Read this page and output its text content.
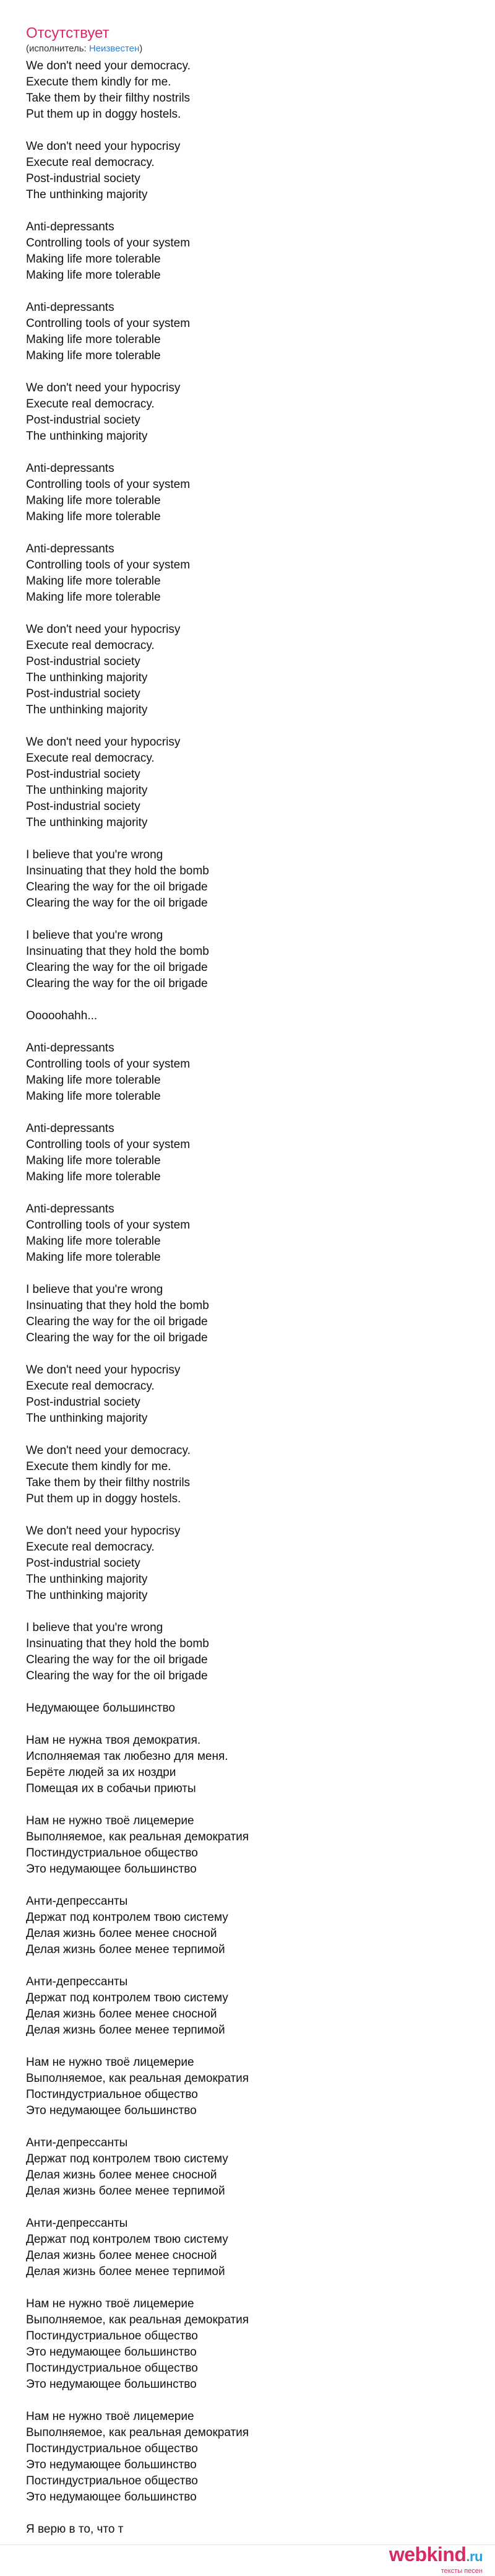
Отсутствует
(исполнитель: Неизвестен)
We don't need your democracy.
Execute them kindly for me.
Take them by their filthy nostrils
Put them up in doggy hostels.
We don't need your hypocrisy
Execute real democracy.
Post-industrial society
The unthinking majority
Anti-depressants
Controlling tools of your system
Making life more tolerable
Making life more tolerable
Anti-depressants
Controlling tools of your system
Making life more tolerable
Making life more tolerable
We don't need your hypocrisy
Execute real democracy.
Post-industrial society
The unthinking majority
Anti-depressants
Controlling tools of your system
Making life more tolerable
Making life more tolerable
Anti-depressants
Controlling tools of your system
Making life more tolerable
Making life more tolerable
We don't need your hypocrisy
Execute real democracy.
Post-industrial society
The unthinking majority
Post-industrial society
The unthinking majority
We don't need your hypocrisy
Execute real democracy.
Post-industrial society
The unthinking majority
Post-industrial society
The unthinking majority
I believe that you're wrong
Insinuating that they hold the bomb
Clearing the way for the oil brigade
Clearing the way for the oil brigade
I believe that you're wrong
Insinuating that they hold the bomb
Clearing the way for the oil brigade
Clearing the way for the oil brigade
Ooooohahh...
Anti-depressants
Controlling tools of your system
Making life more tolerable
Making life more tolerable
Anti-depressants
Controlling tools of your system
Making life more tolerable
Making life more tolerable
Anti-depressants
Controlling tools of your system
Making life more tolerable
Making life more tolerable
I believe that you're wrong
Insinuating that they hold the bomb
Clearing the way for the oil brigade
Clearing the way for the oil brigade
We don't need your hypocrisy
Execute real democracy.
Post-industrial society
The unthinking majority
We don't need your democracy.
Execute them kindly for me.
Take them by their filthy nostrils
Put them up in doggy hostels.
We don't need your hypocrisy
Execute real democracy.
Post-industrial society
The unthinking majority
The unthinking majority
I believe that you're wrong
Insinuating that they hold the bomb
Clearing the way for the oil brigade
Clearing the way for the oil brigade
Недумающее большинство
Нам не нужна твоя демократия.
Исполняемая так любезно для меня.
Берёте людей за их ноздри
Помещая их в собачьи приюты
Нам не нужно твоё лицемерие
Выполняемое, как реальная демократия
Постиндустриальное общество
Это недумающее большинство
Анти-депрессанты
Держат под контролем твою систему
Делая жизнь более менее сносной
Делая жизнь более менее терпимой
Анти-депрессанты
Держат под контролем твою систему
Делая жизнь более менее сносной
Делая жизнь более менее терпимой
Нам не нужно твоё лицемерие
Выполняемое, как реальная демократия
Постиндустриальное общество
Это недумающее большинство
Анти-депрессанты
Держат под контролем твою систему
Делая жизнь более менее сносной
Делая жизнь более менее терпимой
Анти-депрессанты
Держат под контролем твою систему
Делая жизнь более менее сносной
Делая жизнь более менее терпимой
Нам не нужно твоё лицемерие
Выполняемое, как реальная демократия
Постиндустриальное общество
Это недумающее большинство
Постиндустриальное общество
Это недумающее большинство
Нам не нужно твоё лицемерие
Выполняемое, как реальная демократия
Постиндустриальное общество
Это недумающее большинство
Постиндустриальное общество
Это недумающее большинство
Я верю в то, что т
webkind.ru
тексты песен
